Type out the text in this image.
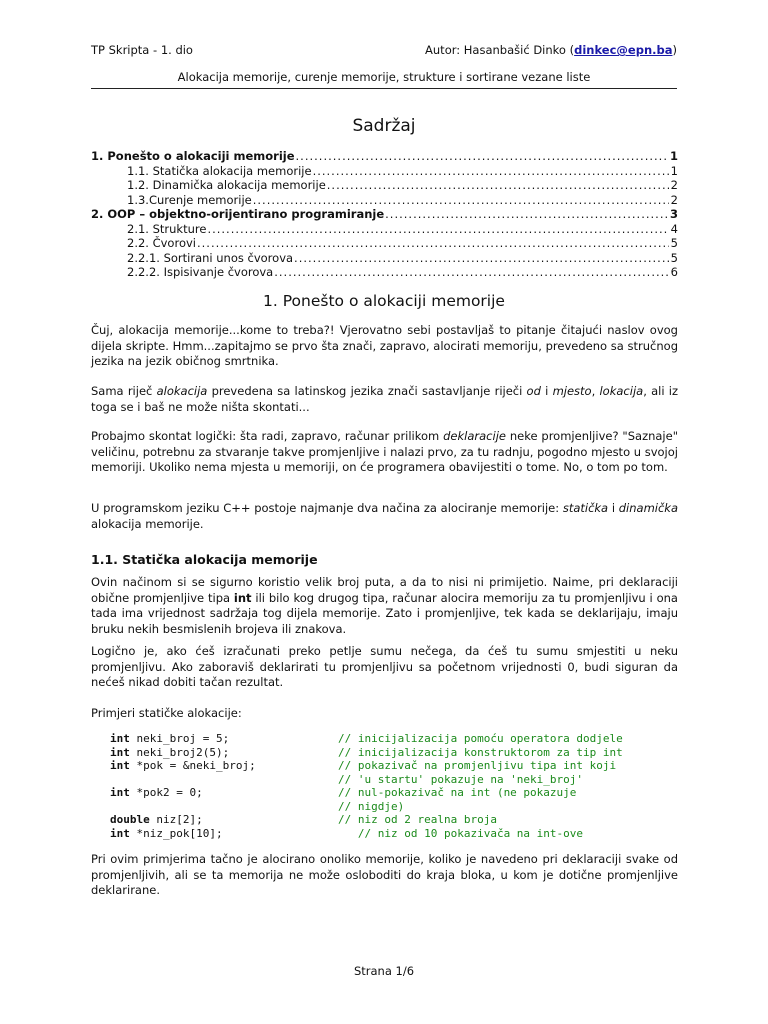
TP Skripta - 1. dio	Autor: Hasanbašić Dinko (dinkec@epn.ba)
Alokacija memorije, curenje memorije, strukture i sortirane vezane liste
Sadržaj
1. Ponešto o alokaciji memorije .....	1
1.1. Statička alokacija memorije .....	1
1.2. Dinamička alokacija memorije .....	2
1.3.Curenje memorije .....	2
2. OOP – objektno-orijentirano programiranje .....	3
2.1. Strukture .....	4
2.2. Čvorovi .....	5
2.2.1. Sortirani unos čvorova .....	5
2.2.2. Ispisivanje čvorova .....	6
1. Ponešto o alokaciji memorije
Čuj, alokacija memorije...kome to treba?! Vjerovatno sebi postavljaš to pitanje čitajući naslov ovog dijela skripte. Hmm...zapitajmo se prvo šta znači, zapravo, alocirati memoriju, prevedeno sa stručnog jezika na jezik običnog smrtnika.
Sama riječ alokacija prevedena sa latinskog jezika znači sastavljanje riječi od i mjesto, lokacija, ali iz toga se i baš ne može ništa skontati...
Probajmo skontat logički: šta radi, zapravo, računar prilikom deklaracije neke promjenljive? "Saznaje" veličinu, potrebnu za stvaranje takve promjenljive i nalazi prvo, za tu radnju, pogodno mjesto u svojoj memoriji. Ukoliko nema mjesta u memoriji, on će programera obavijestiti o tome. No, o tom po tom.
U programskom jeziku C++ postoje najmanje dva načina za alociranje memorije: statička i dinamička alokacija memorije.
1.1. Statička alokacija memorije
Ovin načinom si se sigurno koristio velik broj puta, a da to nisi ni primijetio. Naime, pri deklaraciji obične promjenljive tipa int ili bilo kog drugog tipa, računar alocira memoriju za tu promjenljivu i ona tada ima vrijednost sadržaja tog dijela memorije. Zato i promjenljive, tek kada se deklarijaju, imaju bruku nekih besmislenih brojeva ili znakova.
Logično je, ako ćeš izračunati preko petlje sumu nečega, da ćeš tu sumu smjestiti u neku promjenljivu. Ako zaboraviš deklarirati tu promjenljivu sa početnom vrijednosti 0, budi siguran da nećeš nikad dobiti tačan rezultat.
Primjeri statičke alokacije:
int neki_broj = 5;	// inicijalizacija pomoću operatora dodjele
int neki_broj2(5);	// inicijalizacija konstruktorom za tip int
int *pok = &neki_broj;	// pokazivač na promjenljivu tipa int koji
// 'u startu' pokazuje na 'neki_broj'
int *pok2 = 0;	// nul-pokazivač na int (ne pokazuje
// nigdje)
double niz[2];	// niz od 2 realna broja
int *niz_pok[10];	// niz od 10 pokazivača na int-ove
Pri ovim primjerima tačno je alocirano onoliko memorije, koliko je navedeno pri deklaraciji svake od promjenljivih, ali se ta memorija ne može osloboditi do kraja bloka, u kom je dotične promjenljive deklarirane.
Strana 1/6
